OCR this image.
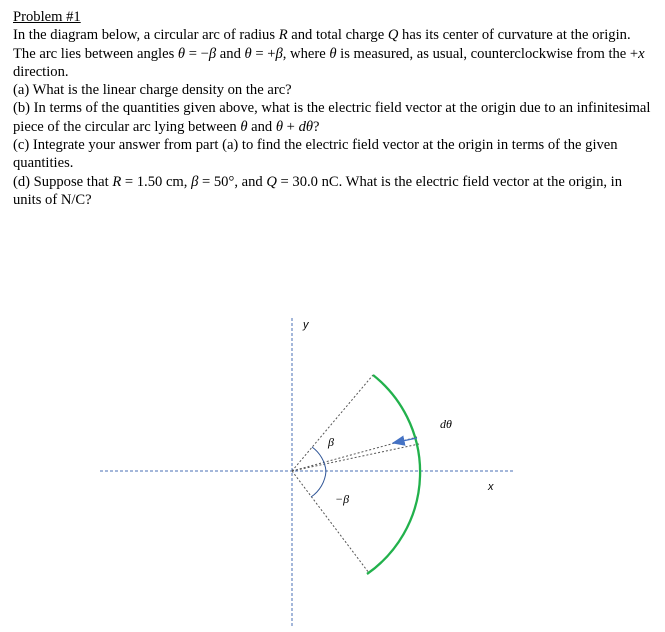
Problem #1

In the diagram below, a circular arc of radius R and total charge Q has its center of curvature at the origin. The arc lies between angles θ = −β and θ = +β, where θ is measured, as usual, counterclockwise from the +x direction.

(a) What is the linear charge density on the arc?

(b) In terms of the quantities given above, what is the electric field vector at the origin due to an infinitesimal piece of the circular arc lying between θ and θ + dθ?

(c) Integrate your answer from part (a) to find the electric field vector at the origin in terms of the given quantities.

(d) Suppose that R = 1.50 cm, β = 50°, and Q = 30.0 nC. What is the electric field vector at the origin, in units of N/C?

y
x
β
−β
dθ
